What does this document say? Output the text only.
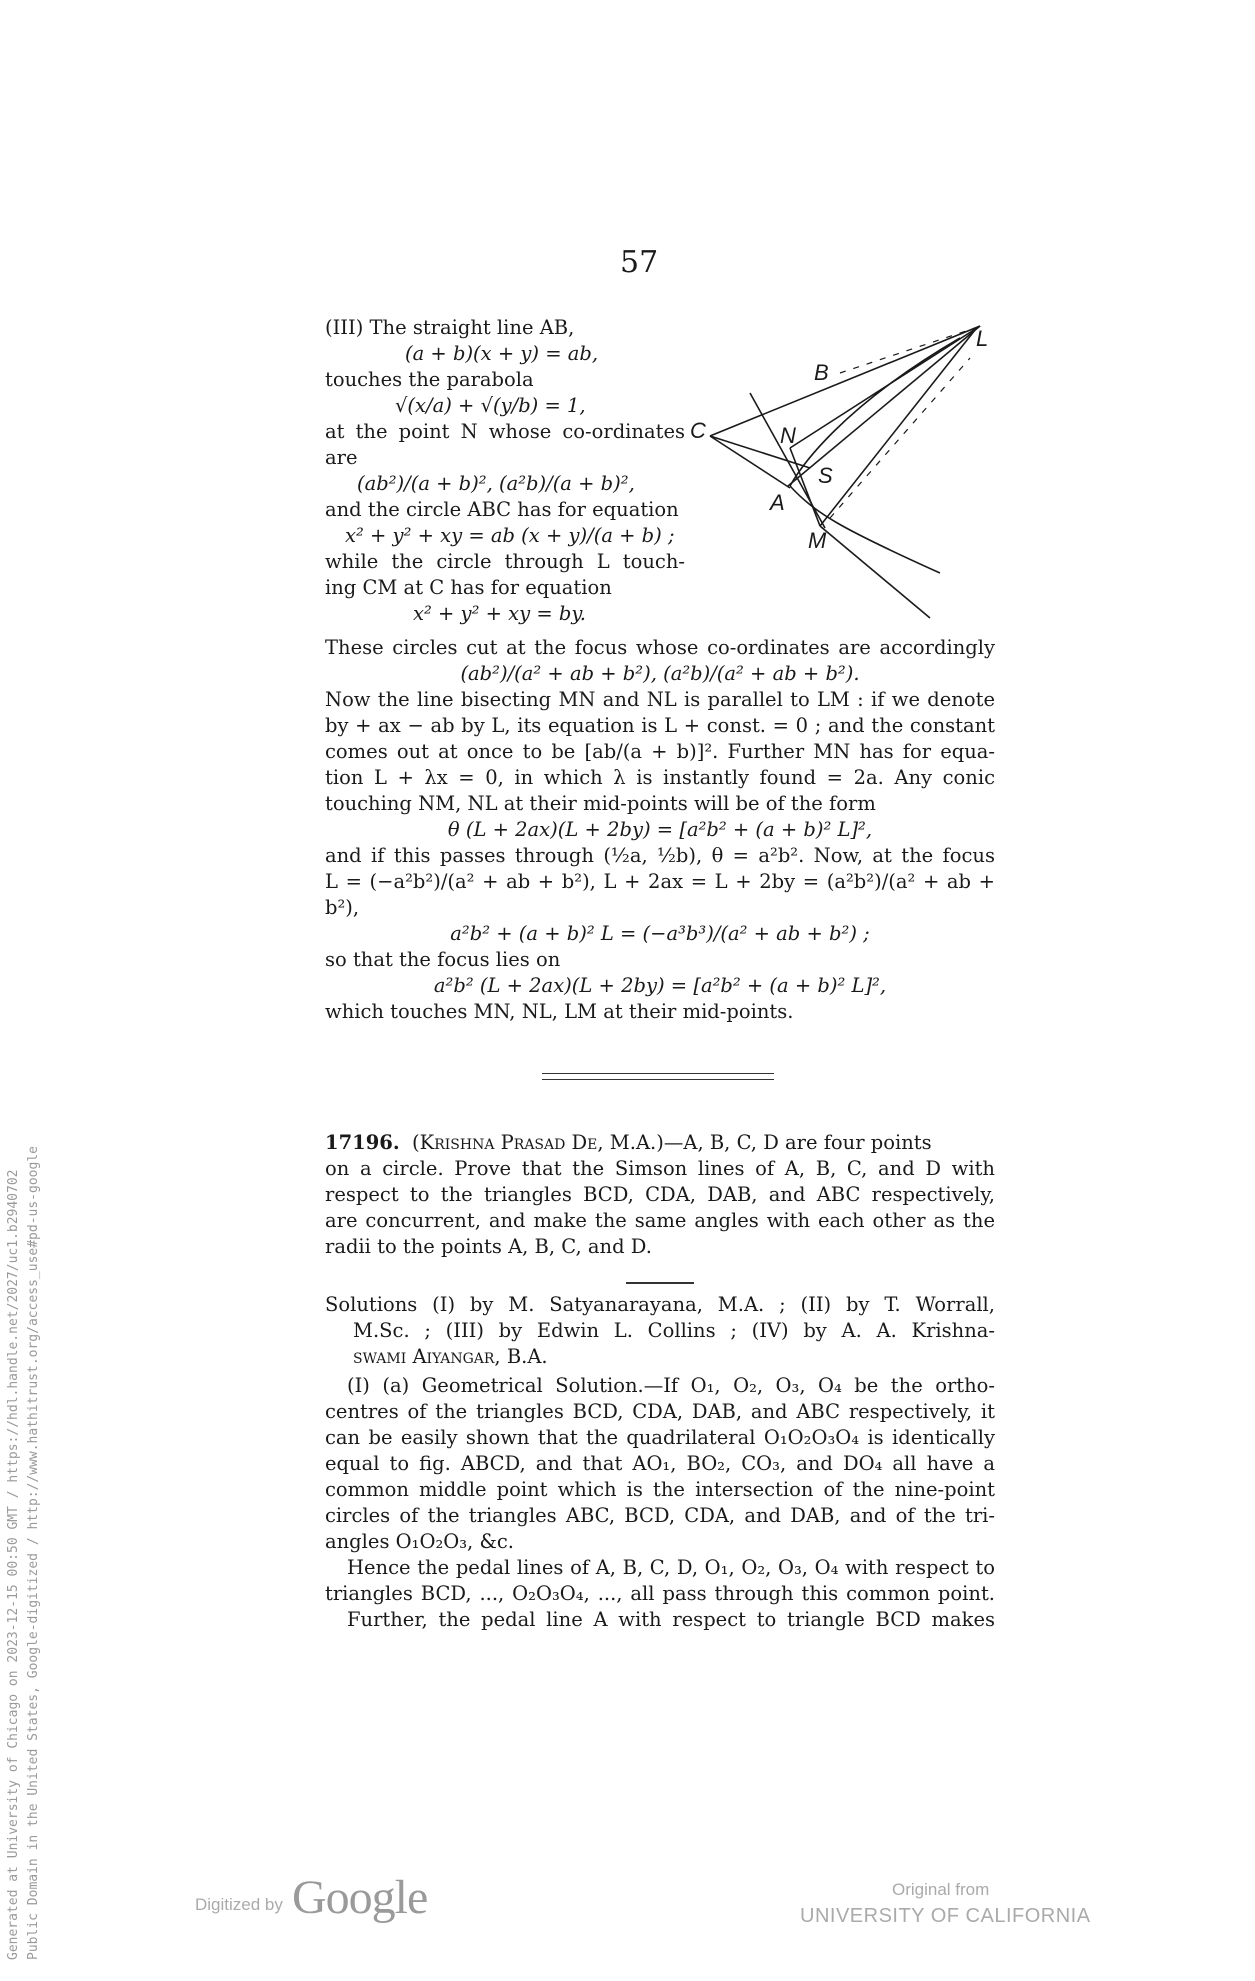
57
(III) The straight line AB,
(a + b)(x + y) = ab,
touches the parabola
√(x/a) + √(y/b) = 1,
at the point N whose co-ordinates
are
(ab²)/(a + b)², (a²b)/(a + b)²,
and the circle ABC has for equation
x² + y² + xy = ab (x + y)/(a + b) ;
while the circle through L touch-
ing CM at C has for equation
x² + y² + xy = by.
L
B
C	N
S
A
M
These circles cut at the focus whose co-ordinates are accordingly
(ab²)/(a² + ab + b²), (a²b)/(a² + ab + b²).
Now the line bisecting MN and NL is parallel to LM : if we denote
by + ax − ab by L, its equation is L + const. = 0 ; and the constant
comes out at once to be [ab/(a + b)]². Further MN has for equa-
tion L + λx = 0, in which λ is instantly found = 2a. Any conic
touching NM, NL at their mid-points will be of the form
θ (L + 2ax)(L + 2by) = [a²b² + (a + b)² L]²,
and if this passes through (½a, ½b), θ = a²b². Now, at the focus
L = (−a²b²)/(a² + ab + b²), L + 2ax = L + 2by = (a²b²)/(a² + ab + b²),
a²b² + (a + b)² L = (−a³b³)/(a² + ab + b²) ;
so that the focus lies on
a²b² (L + 2ax)(L + 2by) = [a²b² + (a + b)² L]²,
which touches MN, NL, LM at their mid-points.
17196. (Krishna Prasad De, M.A.)—A, B, C, D are four points
on a circle. Prove that the Simson lines of A, B, C, and D with
respect to the triangles BCD, CDA, DAB, and ABC respectively,
are concurrent, and make the same angles with each other as the
radii to the points A, B, C, and D.
Solutions (I) by M. Satyanarayana, M.A. ; (II) by T. Worrall,
M.Sc. ; (III) by Edwin L. Collins ; (IV) by A. A. Krishna-
swami Aiyangar, B.A.
(I) (a) Geometrical Solution.—If O₁, O₂, O₃, O₄ be the ortho-
centres of the triangles BCD, CDA, DAB, and ABC respectively, it
can be easily shown that the quadrilateral O₁O₂O₃O₄ is identically
equal to fig. ABCD, and that AO₁, BO₂, CO₃, and DO₄ all have a
common middle point which is the intersection of the nine-point
circles of the triangles ABC, BCD, CDA, and DAB, and of the tri-
angles O₁O₂O₃, &c.
Hence the pedal lines of A, B, C, D, O₁, O₂, O₃, O₄ with respect to
triangles BCD, ..., O₂O₃O₄, ..., all pass through this common point.
Further, the pedal line A with respect to triangle BCD makes
Generated at University of Chicago on 2023-12-15 00:50 GMT / https://hdl.handle.net/2027/uc1.b2940702 Public Domain in the United States, Google-digitized / http://www.hathitrust.org/access_use#pd-us-google	Digitized by Google	Original from
UNIVERSITY OF CALIFORNIA
